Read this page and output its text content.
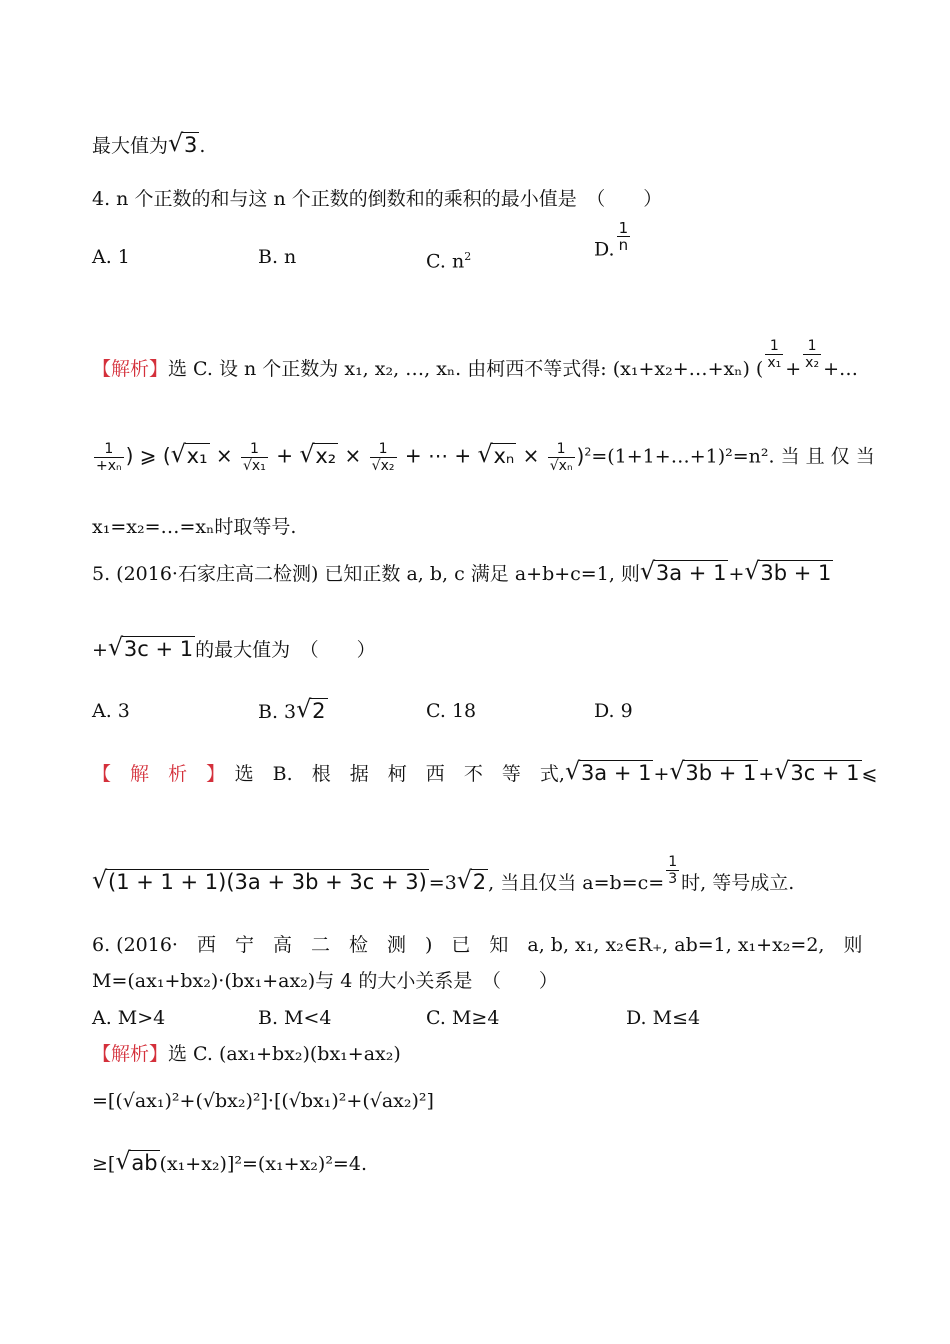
最大值为 √ 3 .
4. n 个正数的和与这 n 个正数的倒数和的乘积的最小值是　（　　）
A. 1	B. n	C. $n^2$	D. $\frac{1}{n}$
【解析】选 C. 设 n 个正数为 x₁, x₂, …, xₙ. 由柯西不等式得: (x₁+x₂+…+xₙ) ( $\frac{1}{\text{x₁}} + \frac{1}{\text{x₂}}$ +…
$\frac{1}{\text{+xₙ}}$ ) ⩾ ( √ $x_1 \times \frac{1}{\text{√x₁}}$ + √ $x_2 \times \frac{1}{\text{√x₂}}$ + ⋯ + √ $x_n \times \frac{1}{\text{√xₙ}}$ )$^2$=(1+1+…+1)²=n². 当 且 仅 当
x₁=x₂=…=xₙ时取等号.
5. (2016·石家庄高二检测) 已知正数 a, b, c 满足 a+b+c=1, 则 √ 3a + 1 + √ 3b + 1
+ √ 3c + 1 的最大值为　（　　）
A. 3	B. 3 √ 2	C. 18	D. 9
【　 解　 析　 】　 选　 B.　 根　 据　 柯　 西　 不　 等　 式, √ 3a + 1 + √ 3b + 1 + √ 3c + 1 ⩽
√ (1 + 1 + 1)(3a + 3b + 3c + 3) =3 √ 2 , 当且仅当 $a=b=c= \frac{1}{3}$ 时, 等号成立.
6. (2016·　西　宁　高　二　检　测　)　已　知　a, b, x₁, x₂∈R₊, ab=1, x₁+x₂=2,　则
M=(ax₁+bx₂)·(bx₁+ax₂)与 4 的大小关系是　（　　）
A. M>4	B. M<4	C. M≥4	D. M≤4
【解析】选 C. (ax₁+bx₂)(bx₁+ax₂)
=[(√ax₁)²+(√bx₂)²]·[(√bx₁)²+(√ax₂)²]
≥[ √ ab (x₁+x₂)]²=(x₁+x₂)²=4.
